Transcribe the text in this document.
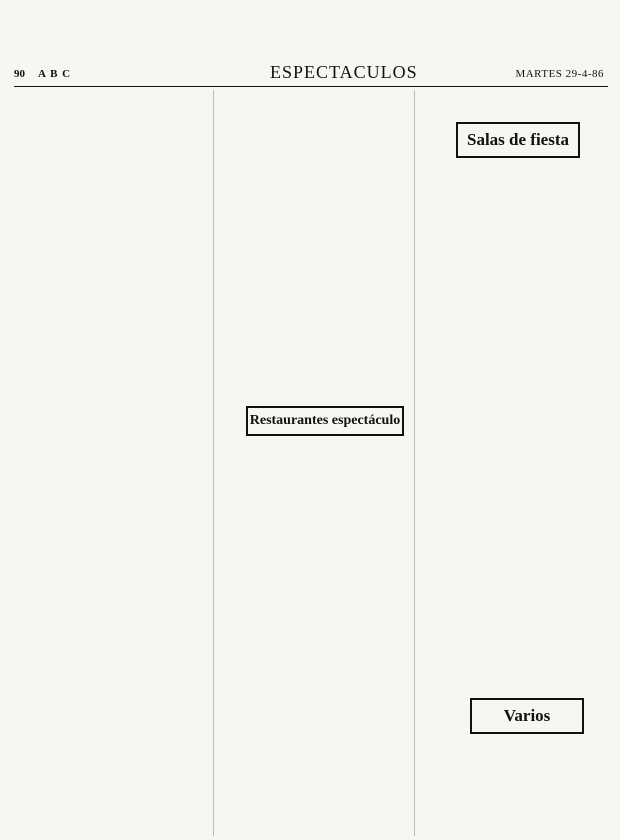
90 A B C	ESPECTACULOS	MARTES 29-4-86
Restaurantes espectáculo
Salas de fiesta
Varios
